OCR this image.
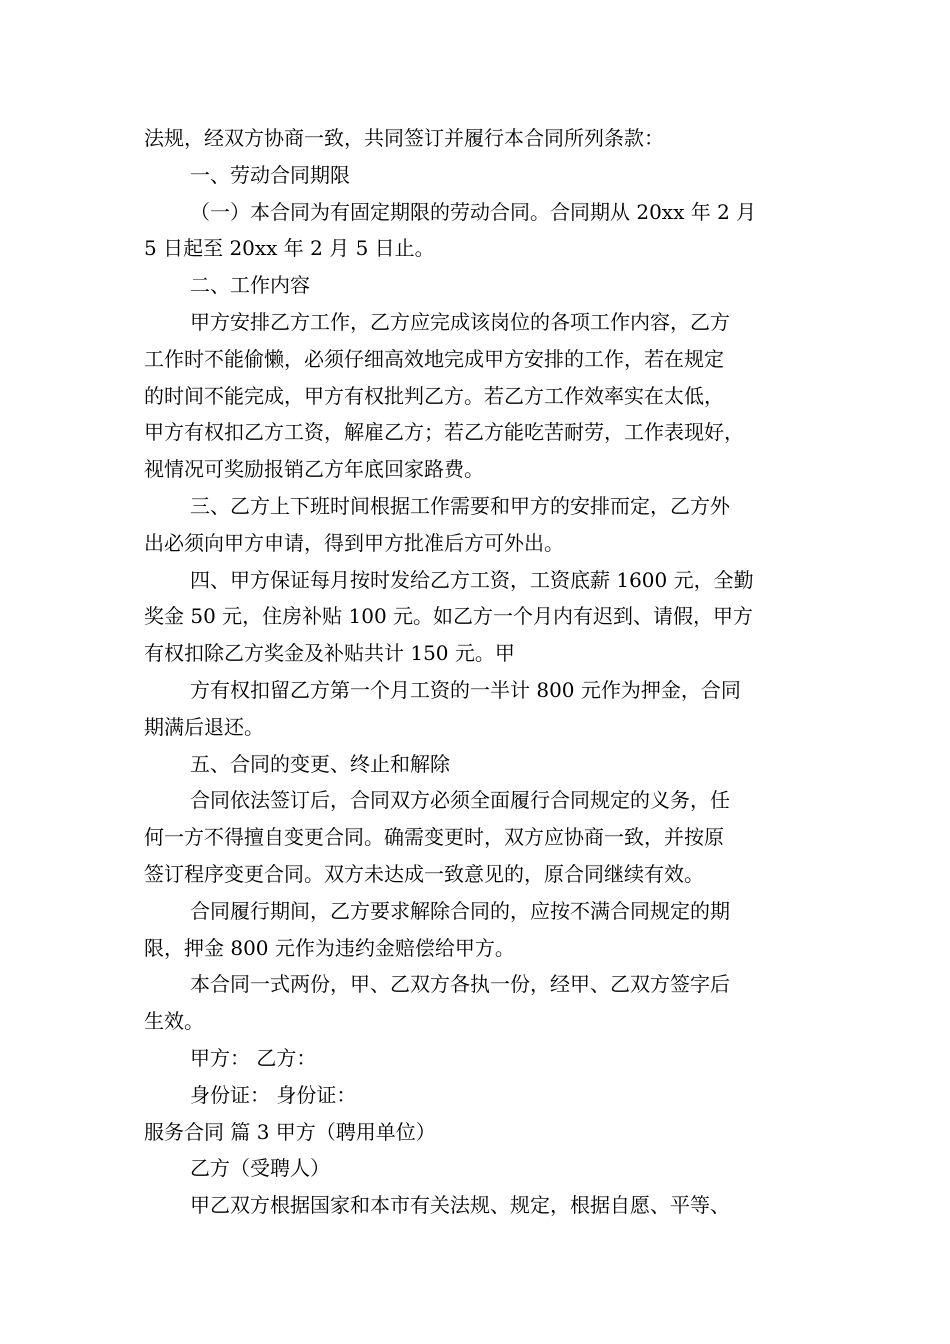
法规，经双方协商一致，共同签订并履行本合同所列条款：
一、劳动合同期限
（一）本合同为有固定期限的劳动合同。合同期从 20xx 年 2 月
5 日起至 20xx 年 2 月 5 日止。
二、工作内容
甲方安排乙方工作，乙方应完成该岗位的各项工作内容，乙方
工作时不能偷懒，必须仔细高效地完成甲方安排的工作，若在规定
的时间不能完成，甲方有权批判乙方。若乙方工作效率实在太低，
甲方有权扣乙方工资，解雇乙方；若乙方能吃苦耐劳，工作表现好，
视情况可奖励报销乙方年底回家路费。
三、乙方上下班时间根据工作需要和甲方的安排而定，乙方外
出必须向甲方申请，得到甲方批准后方可外出。
四、甲方保证每月按时发给乙方工资，工资底薪 1600 元，全勤
奖金 50 元，住房补贴 100 元。如乙方一个月内有迟到、请假，甲方
有权扣除乙方奖金及补贴共计 150 元。甲
方有权扣留乙方第一个月工资的一半计 800 元作为押金，合同
期满后退还。
五、合同的变更、终止和解除
合同依法签订后，合同双方必须全面履行合同规定的义务，任
何一方不得擅自变更合同。确需变更时，双方应协商一致，并按原
签订程序变更合同。双方未达成一致意见的，原合同继续有效。
合同履行期间，乙方要求解除合同的，应按不满合同规定的期
限，押金 800 元作为违约金赔偿给甲方。
本合同一式两份，甲、乙双方各执一份，经甲、乙双方签字后
生效。
甲方： 乙方：
身份证： 身份证：
服务合同 篇 3 甲方（聘用单位）
乙方（受聘人）
甲乙双方根据国家和本市有关法规、规定，根据自愿、平等、
